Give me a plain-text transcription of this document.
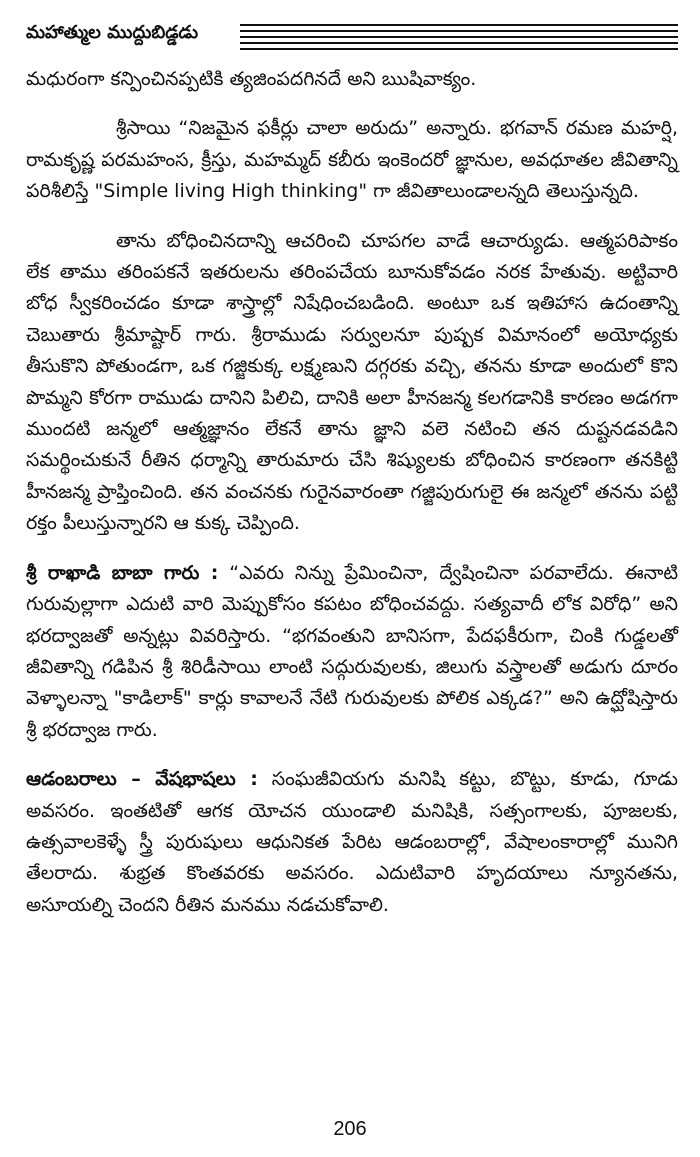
మహాత్ముల ముద్దుబిడ్డడు

మధురంగా కన్పించినప్పటికి త్యజింపదగినదే అని ఋషివాక్యం.

శ్రీసాయి “నిజమైన ఫకీర్లు చాలా అరుదు” అన్నారు. భగవాన్ రమణ మహర్షి, రామకృష్ణ పరమహంస, క్రీస్తు, మహమ్మద్ కబీరు ఇంకెందరో జ్ఞానుల, అవధూతల జీవితాన్ని పరిశీలిస్తే "Simple living High thinking" గా జీవితాలుండాలన్నది తెలుస్తున్నది.

తాను బోధించినదాన్ని ఆచరించి చూపగల వాడే ఆచార్యుడు. ఆత్మపరిపాకం లేక తాము తరింపకనే ఇతరులను తరింపచేయ బూనుకోవడం నరక హేతువు. అట్టివారి బోధ స్వీకరించడం కూడా శాస్త్రాల్లో నిషేధించబడింది. అంటూ ఒక ఇతిహాస ఉదంతాన్ని చెబుతారు శ్రీమాష్టార్ గారు. శ్రీరాముడు సర్వులనూ పుష్పక విమానంలో అయోధ్యకు తీసుకొని పోతుండగా, ఒక గజ్జికుక్క లక్ష్మణుని దగ్గరకు వచ్చి, తనను కూడా అందులో కొని పొమ్మని కోరగా రాముడు దానిని పిలిచి, దానికి అలా హీనజన్మ కలగడానికి కారణం అడగగా ముందటి జన్మలో ఆత్మజ్ఞానం లేకనే తాను జ్ఞాని వలె నటించి తన దుష్టనడవడిని సమర్థించుకునే రీతిన ధర్మాన్ని తారుమారు చేసి శిష్యులకు బోధించిన కారణంగా తనకిట్టి హీనజన్మ ప్రాప్తించింది. తన వంచనకు గురైనవారంతా గజ్జిపురుగులై ఈ జన్మలో తనను పట్టి రక్తం పీలుస్తున్నారని ఆ కుక్క చెప్పింది.

శ్రీ రాఖాడి బాబా గారు : “ఎవరు నిన్ను ప్రేమించినా, ద్వేషించినా పరవాలేదు. ఈనాటి గురువుల్లాగా ఎదుటి వారి మెప్పుకోసం కపటం బోధించవద్దు. సత్యవాదీ లోక విరోధి” అని భరద్వాజతో అన్నట్లు వివరిస్తారు. “భగవంతుని బానిసగా, పేదఫకీరుగా, చింకి గుడ్డలతో జీవితాన్ని గడిపిన శ్రీ శిరిడీసాయి లాంటి సద్గురువులకు, జిలుగు వస్త్రాలతో అడుగు దూరం వెళ్ళాలన్నా "కాడిలాక్" కార్లు కావాలనే నేటి గురువులకు పోలిక ఎక్కడ?” అని ఉద్ఘోషిస్తారు శ్రీ భరద్వాజ గారు.

ఆడంబరాలు – వేషభాషలు : సంఘజీవియగు మనిషి కట్టు, బొట్టు, కూడు, గూడు అవసరం. ఇంతటితో ఆగక యోచన యుండాలి మనిషికి, సత్సంగాలకు, పూజలకు, ఉత్సవాలకెళ్ళే స్త్రీ పురుషులు ఆధునికత పేరిట ఆడంబరాల్లో, వేషాలంకారాల్లో మునిగి తేలరాదు. శుభ్రత కొంతవరకు అవసరం. ఎదుటివారి హృదయాలు న్యూనతను, అసూయల్ని చెందని రీతిన మనము నడచుకోవాలి.

206
